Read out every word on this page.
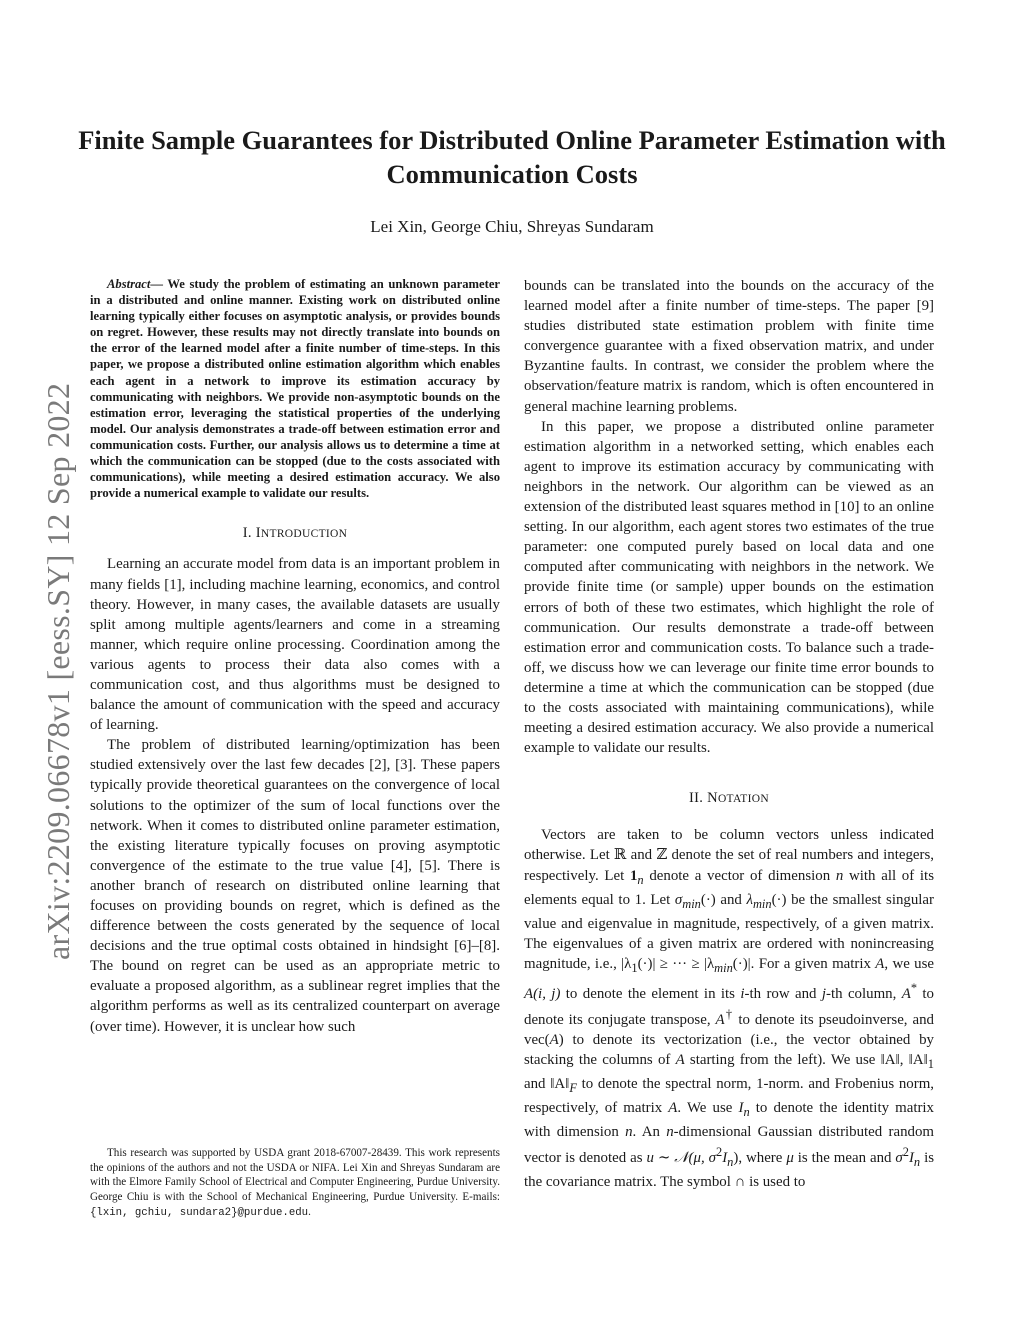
Finite Sample Guarantees for Distributed Online Parameter Estimation with Communication Costs
Lei Xin, George Chiu, Shreyas Sundaram
arXiv:2209.06678v1 [eess.SY] 12 Sep 2022

Abstract— We study the problem of estimating an unknown parameter in a distributed and online manner. Existing work on distributed online learning typically either focuses on asymptotic analysis, or provides bounds on regret. However, these results may not directly translate into bounds on the error of the learned model after a finite number of time-steps. In this paper, we propose a distributed online estimation algorithm which enables each agent in a network to improve its estimation accuracy by communicating with neighbors. We provide non-asymptotic bounds on the estimation error, leveraging the statistical properties of the underlying model. Our analysis demonstrates a trade-off between estimation error and communication costs. Further, our analysis allows us to determine a time at which the communication can be stopped (due to the costs associated with communications), while meeting a desired estimation accuracy. We also provide a numerical example to validate our results.

I. INTRODUCTION

Learning an accurate model from data is an important problem in many fields [1], including machine learning, economics, and control theory. However, in many cases, the available datasets are usually split among multiple agents/learners and come in a streaming manner, which require online processing. Coordination among the various agents to process their data also comes with a communication cost, and thus algorithms must be designed to balance the amount of communication with the speed and accuracy of learning.

The problem of distributed learning/optimization has been studied extensively over the last few decades [2], [3]. These papers typically provide theoretical guarantees on the convergence of local solutions to the optimizer of the sum of local functions over the network. When it comes to distributed online parameter estimation, the existing literature typically focuses on proving asymptotic convergence of the estimate to the true value [4], [5]. There is another branch of research on distributed online learning that focuses on providing bounds on regret, which is defined as the difference between the costs generated by the sequence of local decisions and the true optimal costs obtained in hindsight [6]–[8]. The bound on regret can be used as an appropriate metric to evaluate a proposed algorithm, as a sublinear regret implies that the algorithm performs as well as its centralized counterpart on average (over time). However, it is unclear how such

bounds can be translated into the bounds on the accuracy of the learned model after a finite number of time-steps. The paper [9] studies distributed state estimation problem with finite time convergence guarantee with a fixed observation matrix, and under Byzantine faults. In contrast, we consider the problem where the observation/feature matrix is random, which is often encountered in general machine learning problems.

In this paper, we propose a distributed online parameter estimation algorithm in a networked setting, which enables each agent to improve its estimation accuracy by communicating with neighbors in the network. Our algorithm can be viewed as an extension of the distributed least squares method in [10] to an online setting. In our algorithm, each agent stores two estimates of the true parameter: one computed purely based on local data and one computed after communicating with neighbors in the network. We provide finite time (or sample) upper bounds on the estimation errors of both of these two estimates, which highlight the role of communication. Our results demonstrate a trade-off between estimation error and communication costs. To balance such a trade-off, we discuss how we can leverage our finite time error bounds to determine a time at which the communication can be stopped (due to the costs associated with maintaining communications), while meeting a desired estimation accuracy. We also provide a numerical example to validate our results.

II. NOTATION

Vectors are taken to be column vectors unless indicated otherwise. Let ℝ and ℤ denote the set of real numbers and integers, respectively. Let $1_n$ denote a vector of dimension n with all of its elements equal to 1. Let $\sigma_{min}(\cdot)$ and $\lambda_{min}(\cdot)$ be the smallest singular value and eigenvalue in magnitude, respectively, of a given matrix. The eigenvalues of a given matrix are ordered with nonincreasing magnitude, i.e., $|\lambda_1(\cdot)|$ ≥ ··· ≥ $|\lambda_{min}(\cdot)|$. For a given matrix A, we use A(i, j) to denote the element in its i-th row and j-th column, A* to denote its conjugate transpose, A† to denote its pseudoinverse, and vec(A) to denote its vectorization (i.e., the vector obtained by stacking the columns of A starting from the left). We use ‖A‖, $‖A‖_1$ and $‖A‖_F$ to denote the spectral norm, 1-norm. and Frobenius norm, respectively, of matrix A. We use $I_n$ to denote the identity matrix with dimension n. An n-dimensional Gaussian distributed random vector is denoted as u ∼ 𝒩(μ, $\sigma^2I_n$), where μ is the mean and $\sigma^2I_n$ is the covariance matrix. The symbol ∩ is used to

This research was supported by USDA grant 2018-67007-28439. This work represents the opinions of the authors and not the USDA or NIFA. Lei Xin and Shreyas Sundaram are with the Elmore Family School of Electrical and Computer Engineering, Purdue University. George Chiu is with the School of Mechanical Engineering, Purdue University. E-mails: {lxin, gchiu, sundara2}@purdue.edu.
